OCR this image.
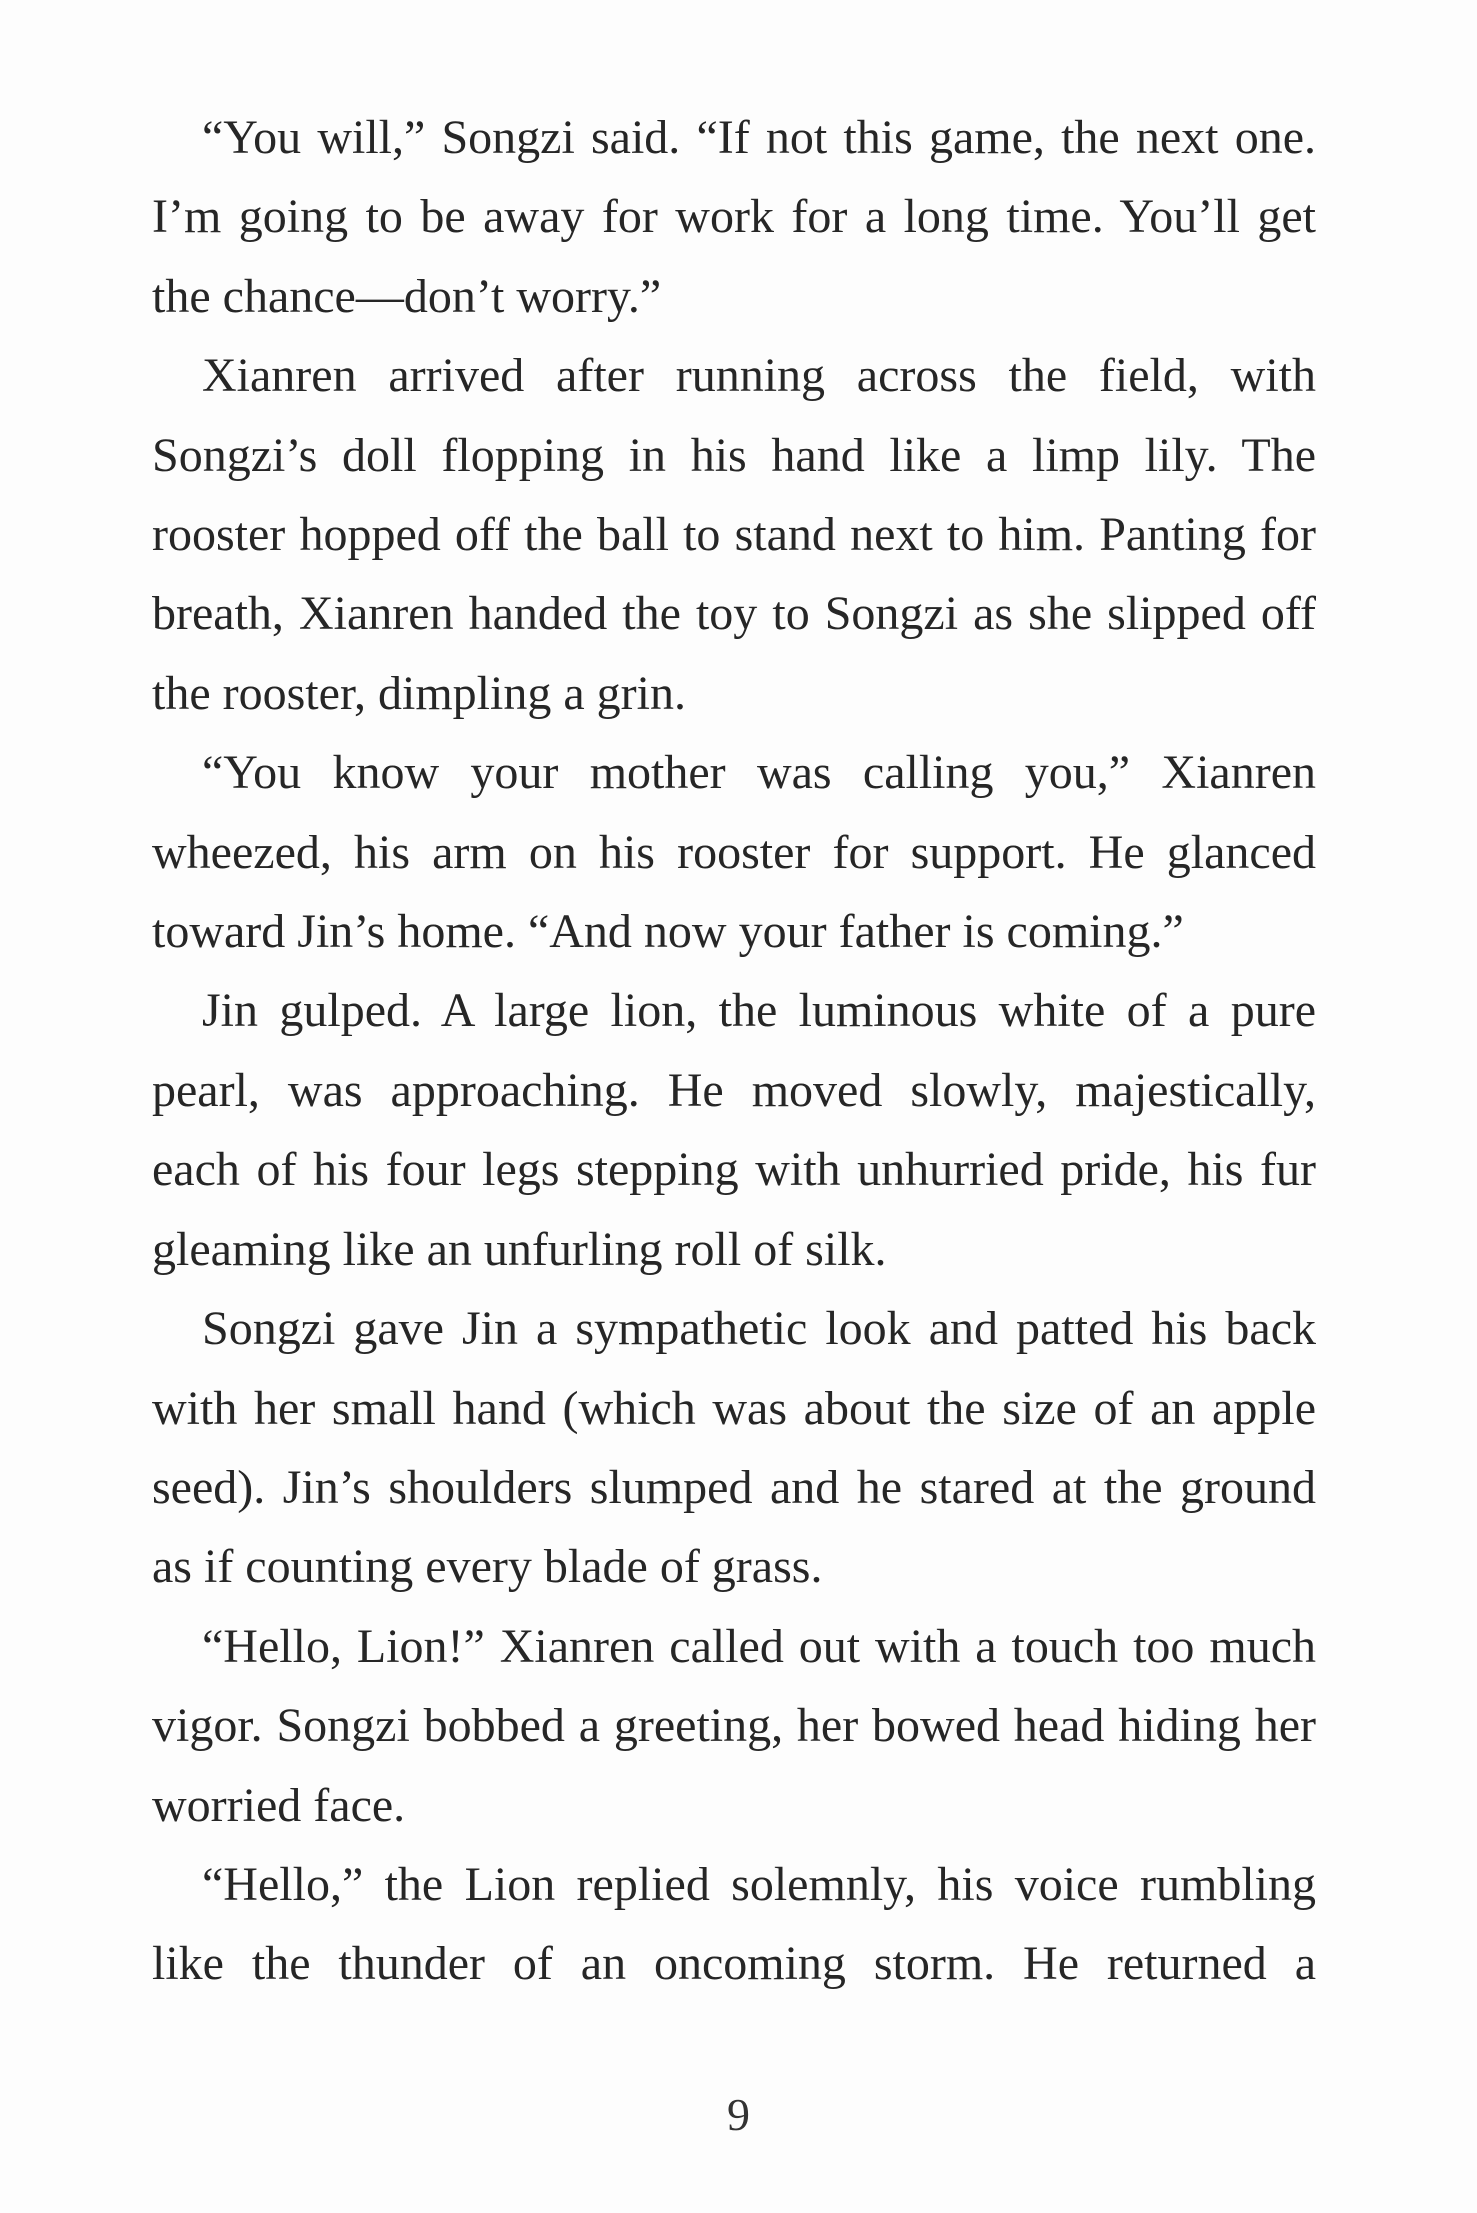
“You will,” Songzi said. “If not this game, the next one. I’m going to be away for work for a long time. You’ll get the chance—don’t worry.”

Xianren arrived after running across the field, with Songzi’s doll flopping in his hand like a limp lily. The rooster hopped off the ball to stand next to him. Panting for breath, Xianren handed the toy to Songzi as she slipped off the rooster, dimpling a grin.

“You know your mother was calling you,” Xianren wheezed, his arm on his rooster for support. He glanced toward Jin’s home. “And now your father is coming.”

Jin gulped. A large lion, the luminous white of a pure pearl, was approaching. He moved slowly, majestically, each of his four legs stepping with unhurried pride, his fur gleaming like an unfurling roll of silk.

Songzi gave Jin a sympathetic look and patted his back with her small hand (which was about the size of an apple seed). Jin’s shoulders slumped and he stared at the ground as if counting every blade of grass.

“Hello, Lion!” Xianren called out with a touch too much vigor. Songzi bobbed a greeting, her bowed head hiding her worried face.

“Hello,” the Lion replied solemnly, his voice rumbling like the thunder of an oncoming storm. He returned a

9
